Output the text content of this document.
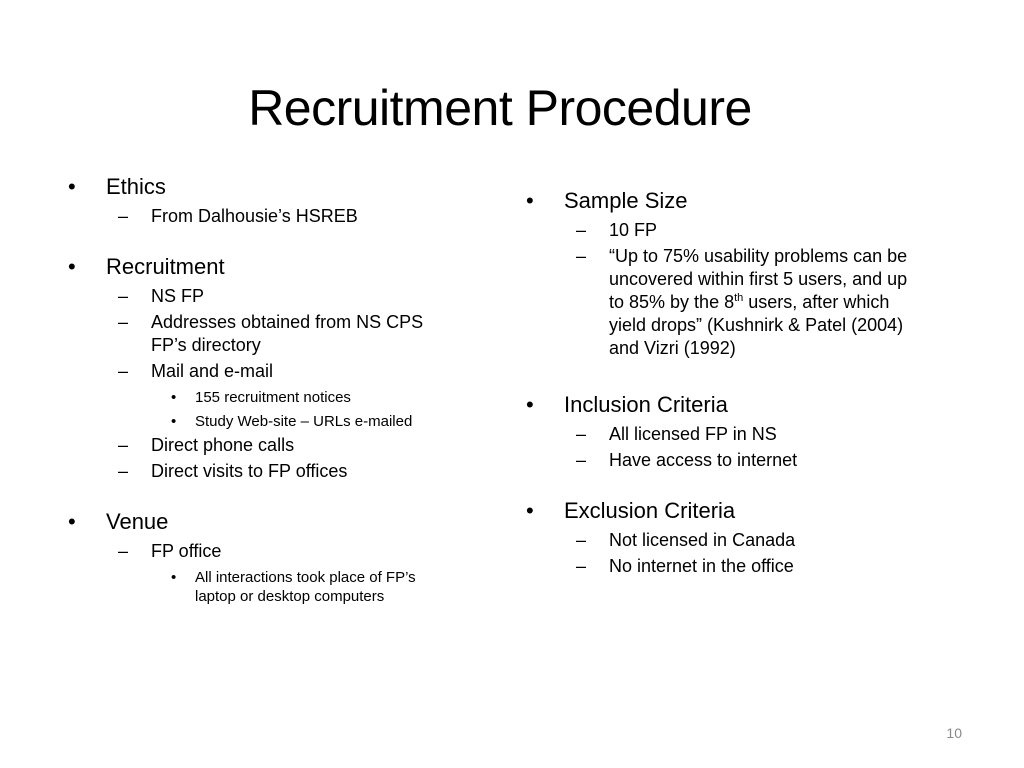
Recruitment Procedure
• Ethics
– From Dalhousie’s HSREB
• Recruitment
– NS FP
– Addresses obtained from NS CPS FP’s directory
– Mail and e-mail
• 155 recruitment notices
• Study Web-site – URLs e-mailed
– Direct phone calls
– Direct visits to FP offices
• Venue
– FP office
• All interactions took place of FP’s laptop or desktop computers
• Sample Size
– 10 FP
– “Up to 75% usability problems can be uncovered within first 5 users, and up to 85% by the 8th users, after which yield drops” (Kushnirk & Patel (2004) and Vizri (1992)
• Inclusion Criteria
– All licensed FP in NS
– Have access to internet
• Exclusion Criteria
– Not licensed in Canada
– No internet in the office
10
